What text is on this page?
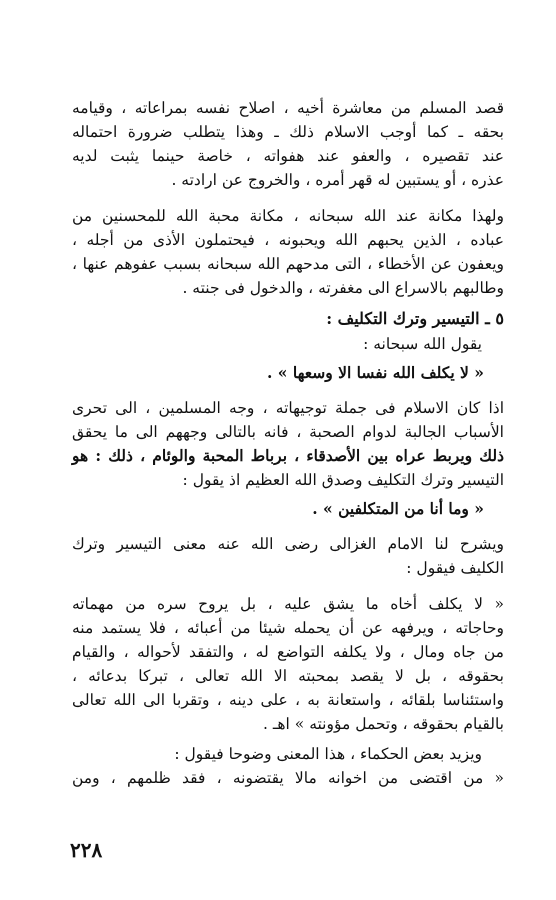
قصد المسلم من معاشرة أخيه ، اصلاح نفسه بمراعاته ، وقيامه
بحقه ـ كما أوجب الاسلام ذلك ـ وهذا يتطلب ضرورة احتماله
عند تقصيره ، والعفو عند هفواته ، خاصة حينما يثبت لديه
عذره ، أو يستبين له قهر أمره ، والخروج عن ارادته .

ولهذا مكانة عند الله سبحانه ، مكانة محبة الله للمحسنين من
عباده ، الذين يحبهم الله ويحبونه ، فيحتملون الأذى من أجله ،
ويعفون عن الأخطاء ، التى مدحهم الله سبحانه بسبب عفوهم عنها ،
وطالبهم بالاسراع الى مغفرته ، والدخول فى جنته .

٥ ـ التيسير وترك التكليف :
يقول الله سبحانه :
« لا يكلف الله نفسا الا وسعها » .

اذا كان الاسلام فى جملة توجيهاته ، وجه المسلمين ، الى تحرى
الأسباب الجالبة لدوام الصحبة ، فانه بالتالى وجههم الى ما يحقق
ذلك ويربط عراه بين الأصدقاء ، برباط المحبة والوئام ، ذلك : هو
التيسير وترك التكليف وصدق الله العظيم اذ يقول :

« وما أنا من المتكلفين » .

ويشرح لنا الامام الغزالى رضى الله عنه معنى التيسير وترك
الكليف فيقول :

« لا يكلف أخاه ما يشق عليه ، بل يروح سره من مهماته
وحاجاته ، ويرفهه عن أن يحمله شيئا من أعبائه ، فلا يستمد منه
من جاه ومال ، ولا يكلفه التواضع له ، والتفقد لأحواله ، والقيام
بحقوقه ، بل لا يقصد بمحبته الا الله تعالى ، تبركا بدعائه ،
واستئناسا بلقائه ، واستعانة به ، على دينه ، وتقربا الى الله تعالى
بالقيام بحقوقه ، وتحمل مؤونته » اهـ .

ويزيد بعض الحكماء ، هذا المعنى وضوحا فيقول :
« من اقتضى من اخوانه مالا يقتضونه ، فقد ظلمهم ، ومن

٢٢٨
